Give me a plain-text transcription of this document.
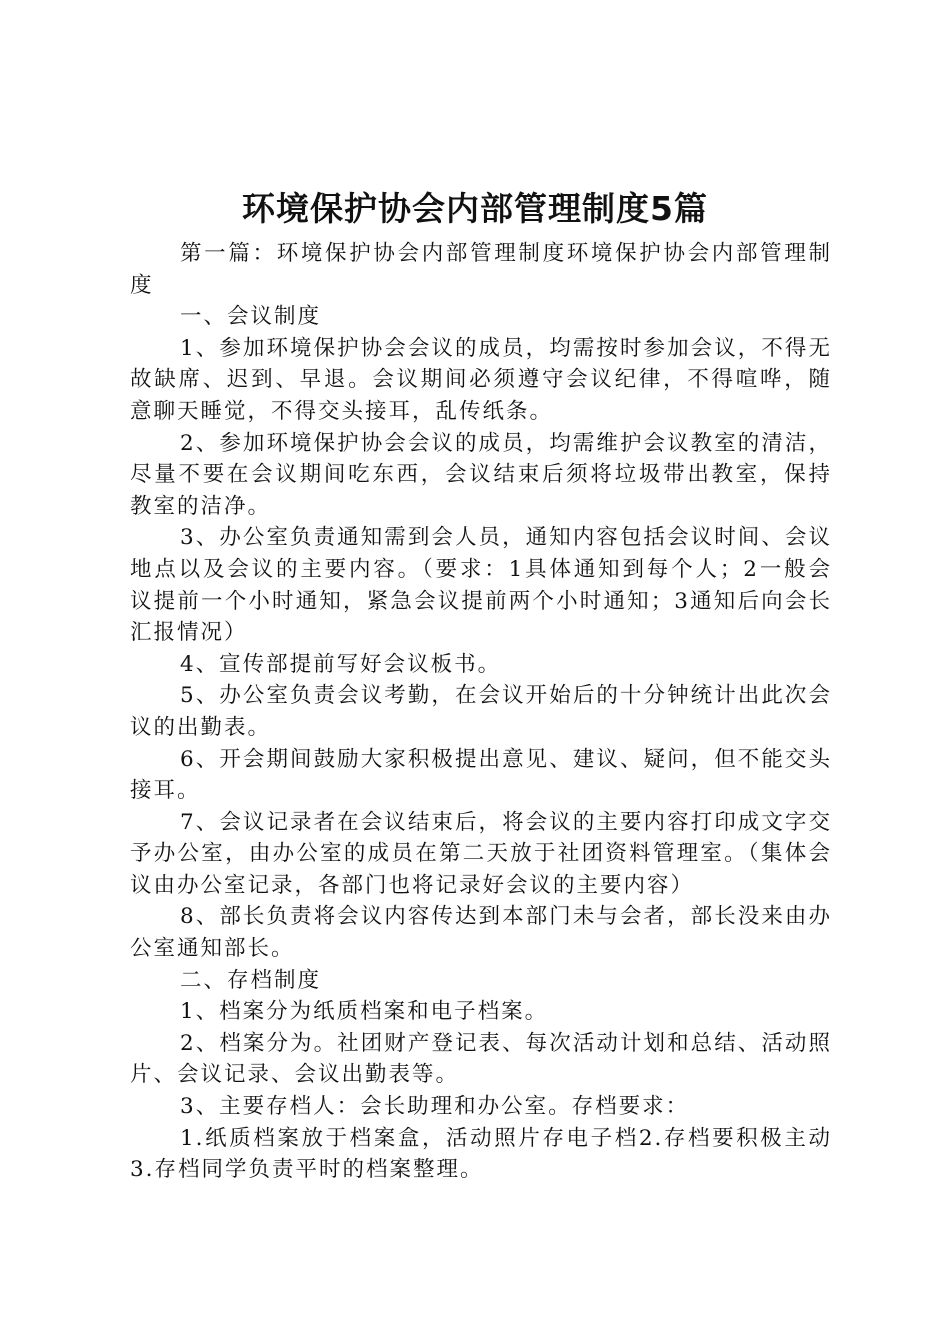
环境保护协会内部管理制度5篇

第一篇：环境保护协会内部管理制度环境保护协会内部管理制度

一、会议制度

1、参加环境保护协会会议的成员，均需按时参加会议，不得无故缺席、迟到、早退。会议期间必须遵守会议纪律，不得喧哗，随意聊天睡觉，不得交头接耳，乱传纸条。

2、参加环境保护协会会议的成员，均需维护会议教室的清洁，尽量不要在会议期间吃东西，会议结束后须将垃圾带出教室，保持教室的洁净。

3、办公室负责通知需到会人员，通知内容包括会议时间、会议地点以及会议的主要内容。（要求：1具体通知到每个人；2一般会议提前一个小时通知，紧急会议提前两个小时通知；3通知后向会长汇报情况）

4、宣传部提前写好会议板书。

5、办公室负责会议考勤，在会议开始后的十分钟统计出此次会议的出勤表。

6、开会期间鼓励大家积极提出意见、建议、疑问，但不能交头接耳。

7、会议记录者在会议结束后，将会议的主要内容打印成文字交予办公室，由办公室的成员在第二天放于社团资料管理室。（集体会议由办公室记录，各部门也将记录好会议的主要内容）

8、部长负责将会议内容传达到本部门未与会者，部长没来由办公室通知部长。

二、存档制度

1、档案分为纸质档案和电子档案。

2、档案分为。社团财产登记表、每次活动计划和总结、活动照片、会议记录、会议出勤表等。

3、主要存档人：会长助理和办公室。存档要求：

1.纸质档案放于档案盒，活动照片存电子档2.存档要积极主动3.存档同学负责平时的档案整理。
